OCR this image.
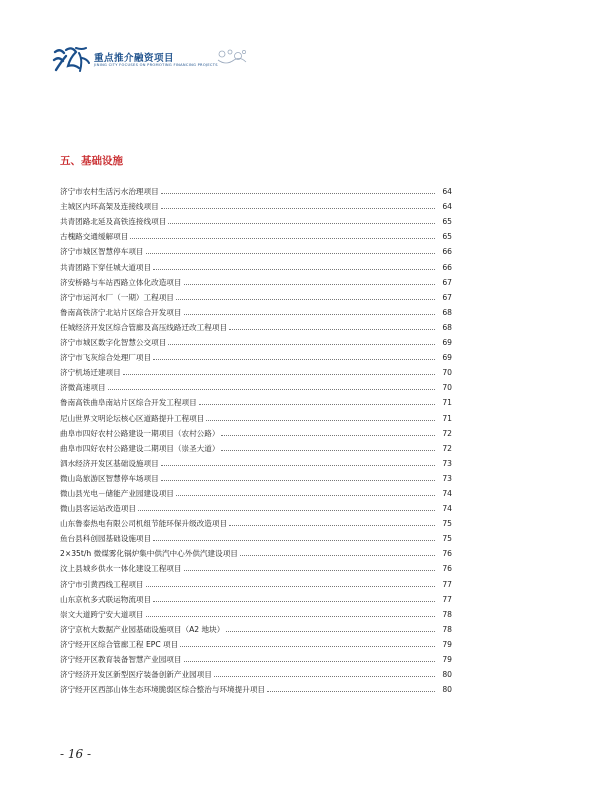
重点推介融资项目
JINING CITY FOCUSES ON PROMOTING FINANCING PROJECTS
五、基础设施
济宁市农村生活污水治理项目	64
主城区内环高架及连接线项目	64
共青团路北延及高铁连接线项目	65
古槐路交通缓解项目	65
济宁市城区智慧停车项目	66
共青团路下穿任城大道项目	66
济安桥路与车站西路立体化改造项目	67
济宁市运河水厂（一期）工程项目	67
鲁南高铁济宁北站片区综合开发项目	68
任城经济开发区综合管廊及高压线路迁改工程项目	68
济宁市城区数字化智慧公交项目	69
济宁市飞灰综合处理厂项目	69
济宁机场迁建项目	70
济微高速项目	70
鲁南高铁曲阜南站片区综合开发工程项目	71
尼山世界文明论坛核心区道路提升工程项目	71
曲阜市四好农村公路建设一期项目（农村公路）	72
曲阜市四好农村公路建设二期项目（崇圣大道）	72
泗水经济开发区基础设施项目	73
微山岛旅游区智慧停车场项目	73
微山县光电－储能产业园建设项目	74
微山县客运站改造项目	74
山东鲁泰热电有限公司机组节能环保升级改造项目	75
鱼台县科创园基础设施项目	75
2×35t/h 微煤雾化锅炉集中供汽中心外供汽建设项目	76
汶上县城乡供水一体化建设工程项目	76
济宁市引黄西线工程项目	77
山东京杭多式联运物流项目	77
崇文大道跨宁安大道项目	78
济宁京杭大数据产业园基础设施项目（A2 地块）	78
济宁经开区综合管廊工程 EPC 项目	79
济宁经开区教育装备智慧产业园项目	79
济宁经济开发区新型医疗装备创新产业园项目	80
济宁经开区西部山体生态环境脆弱区综合整治与环境提升项目	80
- 16 -
